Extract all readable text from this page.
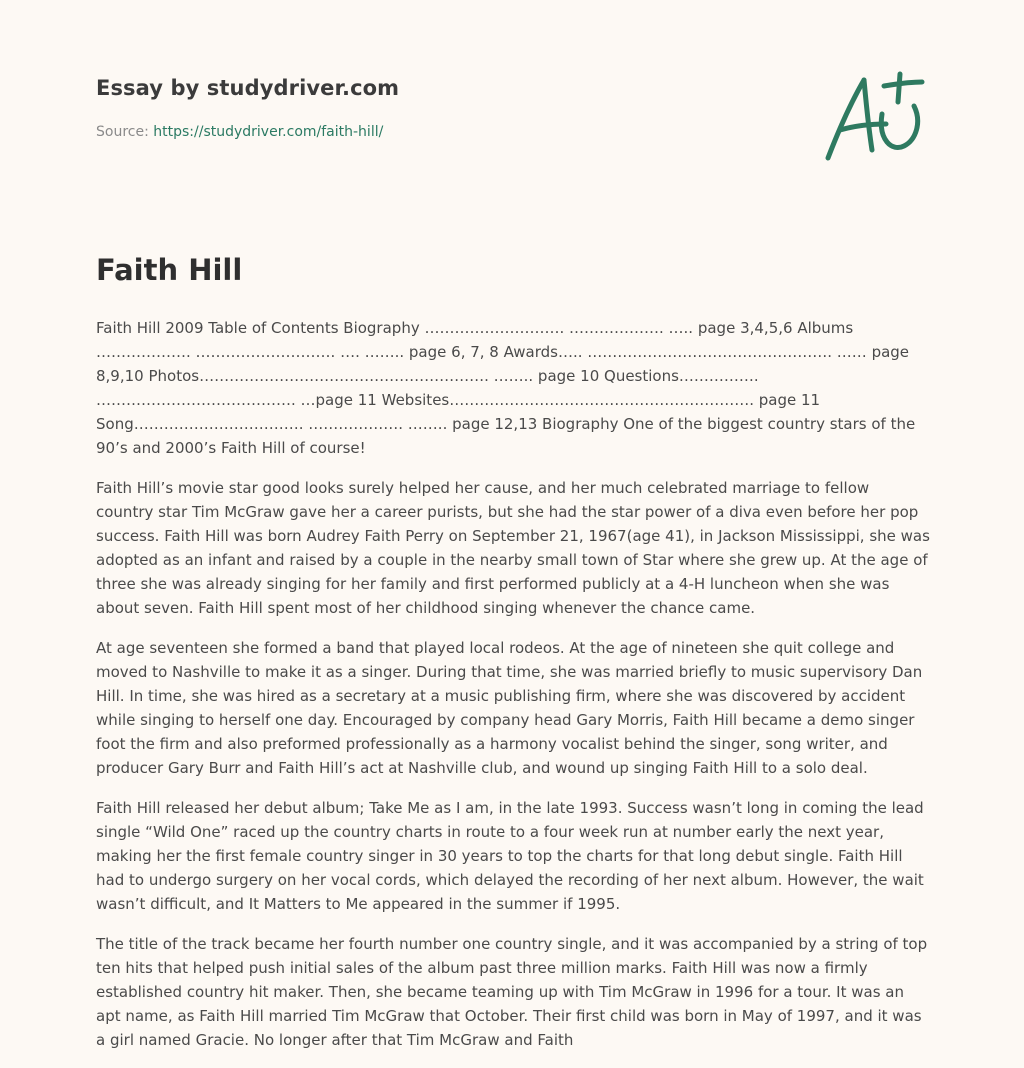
Essay by studydriver.com

Source: https://studydriver.com/faith-hill/

Faith Hill

Faith Hill 2009 Table of Contents Biography ………………………. ………………. ….. page 3,4,5,6 Albums ………………. ………………………. …. …….. page 6, 7, 8 Awards….. …………………………………………. …… page 8,9,10 Photos…………………………………………………. …….. page 10 Questions……………. …………………………………. …page 11 Websites……………………………………………………. page 11 Song……………………………. ………………. …….. page 12,13 Biography One of the biggest country stars of the 90’s and 2000’s Faith Hill of course!

Faith Hill’s movie star good looks surely helped her cause, and her much celebrated marriage to fellow country star Tim McGraw gave her a career purists, but she had the star power of a diva even before her pop success. Faith Hill was born Audrey Faith Perry on September 21, 1967(age 41), in Jackson Mississippi, she was adopted as an infant and raised by a couple in the nearby small town of Star where she grew up. At the age of three she was already singing for her family and first performed publicly at a 4-H luncheon when she was about seven. Faith Hill spent most of her childhood singing whenever the chance came.

At age seventeen she formed a band that played local rodeos. At the age of nineteen she quit college and moved to Nashville to make it as a singer. During that time, she was married briefly to music supervisory Dan Hill. In time, she was hired as a secretary at a music publishing firm, where she was discovered by accident while singing to herself one day. Encouraged by company head Gary Morris, Faith Hill became a demo singer foot the firm and also preformed professionally as a harmony vocalist behind the singer, song writer, and producer Gary Burr and Faith Hill’s act at Nashville club, and wound up singing Faith Hill to a solo deal.

Faith Hill released her debut album; Take Me as I am, in the late 1993. Success wasn’t long in coming the lead single “Wild One” raced up the country charts in route to a four week run at number early the next year, making her the first female country singer in 30 years to top the charts for that long debut single. Faith Hill had to undergo surgery on her vocal cords, which delayed the recording of her next album. However, the wait wasn’t difficult, and It Matters to Me appeared in the summer if 1995.

The title of the track became her fourth number one country single, and it was accompanied by a string of top ten hits that helped push initial sales of the album past three million marks. Faith Hill was now a firmly established country hit maker. Then, she became teaming up with Tim McGraw in 1996 for a tour. It was an apt name, as Faith Hill married Tim McGraw that October. Their first child was born in May of 1997, and it was a girl named Gracie. No longer after that Tim McGraw and Faith
